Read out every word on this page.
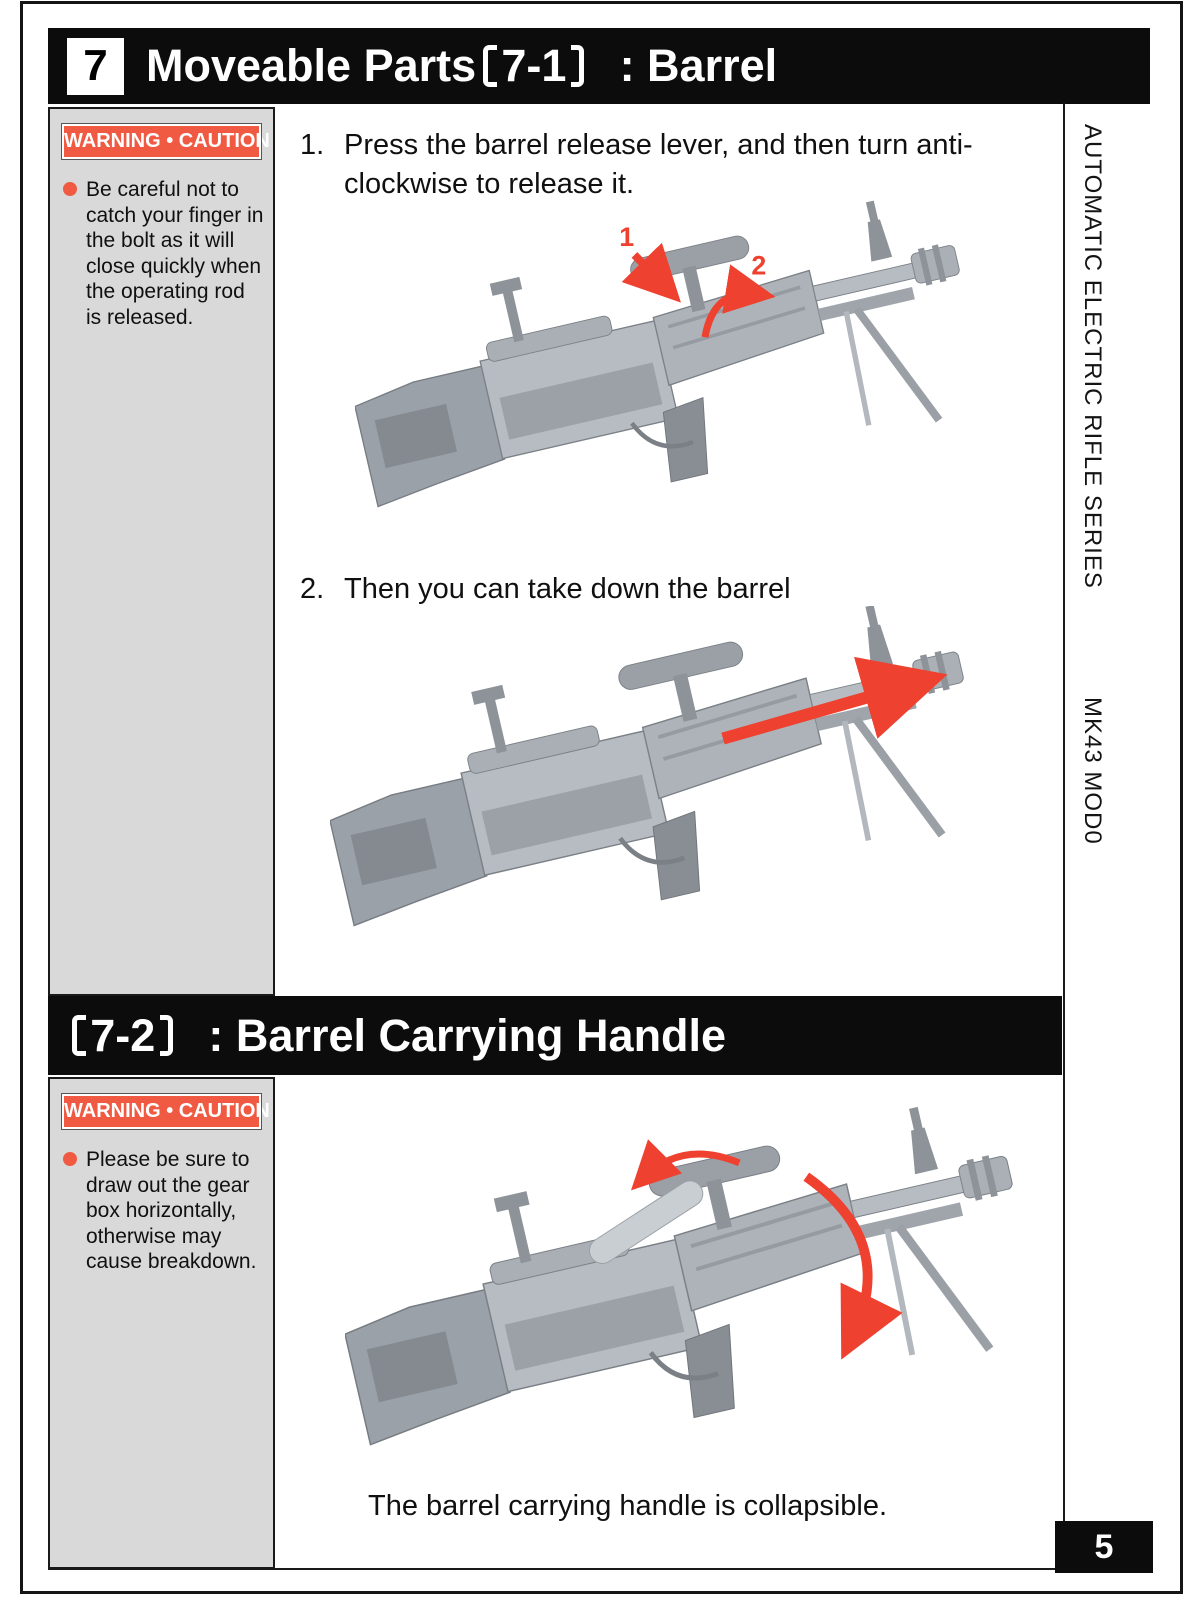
7 Moveable Parts 7-1 : Barrel
WARNING • CAUTION
Be careful not to catch your finger in the bolt as it will close quickly when the operating rod is released.
1. Press the barrel release lever, and then turn anti-clockwise to release it.
1
2
2. Then you can take down the barrel
7-2 : Barrel Carrying Handle
WARNING • CAUTION
Please be sure to draw out the gear box horizontally, otherwise may cause breakdown.
The barrel carrying handle is collapsible.
AUTOMATIC ELECTRIC RIFLE SERIES
MK43 MOD0
5
